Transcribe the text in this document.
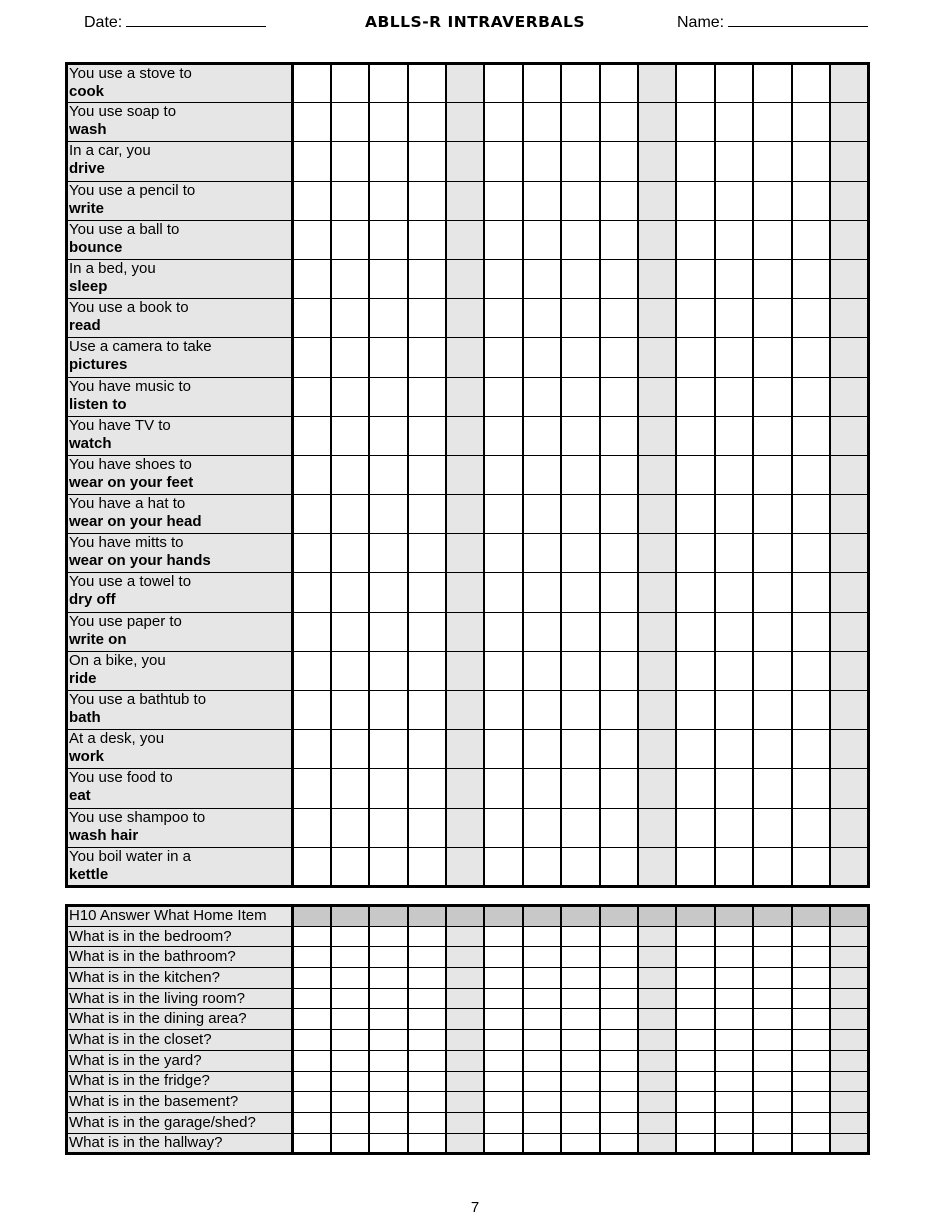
Date:	ABLLS-R INTRAVERBALS	Name:
You use a stove to
cook															

You use soap to
wash															

In a car, you
drive															

You use a pencil to
write															

You use a ball to
bounce															

In a bed, you
sleep															

You use a book to
read															

Use a camera to take
pictures															

You have music to
listen to															

You have TV to
watch															

You have shoes to
wear on your feet															

You have a hat to
wear on your head															

You have mitts to
wear on your hands															

You use a towel to
dry off															

You use paper to
write on															

On a bike, you
ride															

You use a bathtub to
bath															

At a desk, you
work															

You use food to
eat															

You use shampoo to
wash hair															

You boil water in a
kettle															

H10 Answer What Home Item															
What is in the bedroom?															
What is in the bathroom?															
What is in the kitchen?															
What is in the living room?															
What is in the dining area?															
What is in the closet?															
What is in the yard?															
What is in the fridge?															
What is in the basement?															
What is in the garage/shed?															
What is in the hallway?															
7
